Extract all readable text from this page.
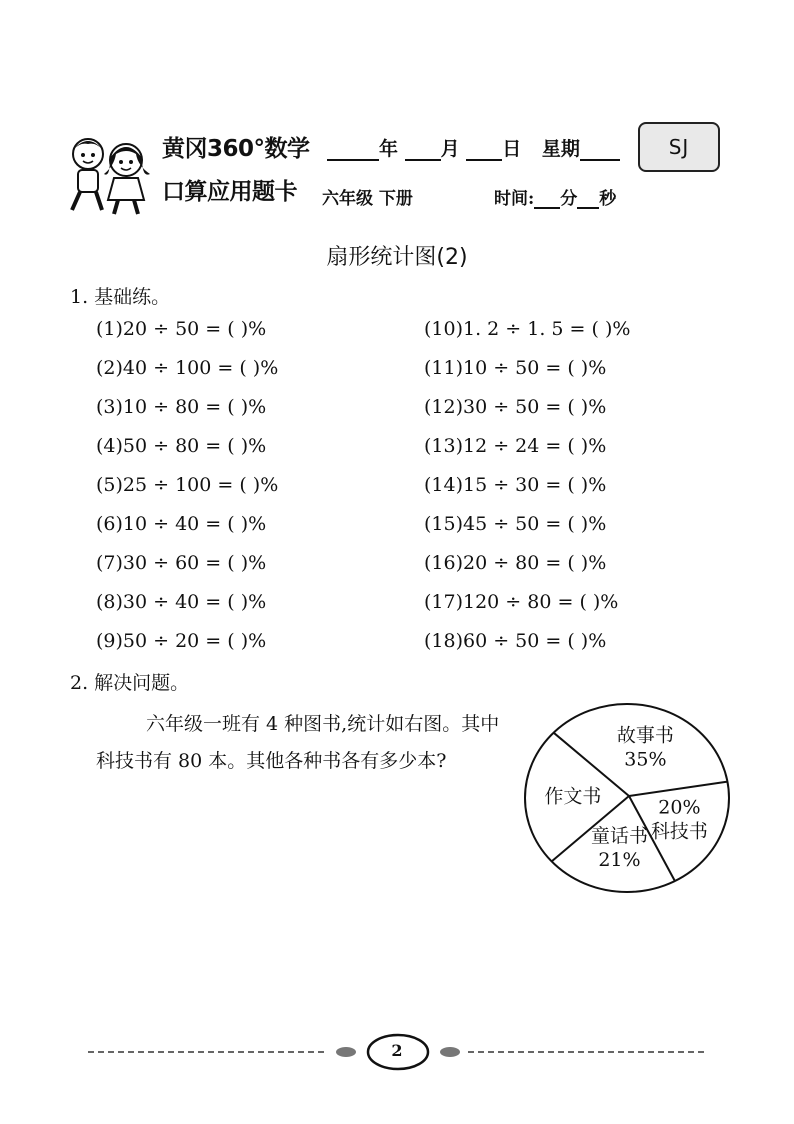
黄冈360°数学
口算应用题卡
年 月 日 星期	SJ
六年级 下册	时间: 分 秒
扇形统计图(2)
1. 基础练。
(1)20 ÷ 50 = ( )%
(2)40 ÷ 100 = ( )%
(3)10 ÷ 80 = ( )%
(4)50 ÷ 80 = ( )%
(5)25 ÷ 100 = ( )%
(6)10 ÷ 40 = ( )%
(7)30 ÷ 60 = ( )%
(8)30 ÷ 40 = ( )%
(9)50 ÷ 20 = ( )%
(10)1. 2 ÷ 1. 5 = ( )%
(11)10 ÷ 50 = ( )%
(12)30 ÷ 50 = ( )%
(13)12 ÷ 24 = ( )%
(14)15 ÷ 30 = ( )%
(15)45 ÷ 50 = ( )%
(16)20 ÷ 80 = ( )%
(17)120 ÷ 80 = ( )%
(18)60 ÷ 50 = ( )%
2. 解决问题。
六年级一班有 4 种图书,统计如右图。其中科技书有 80 本。其他各种书各有多少本?
20%
科技书
童话书
21%
作文书
故事书
35%
2
